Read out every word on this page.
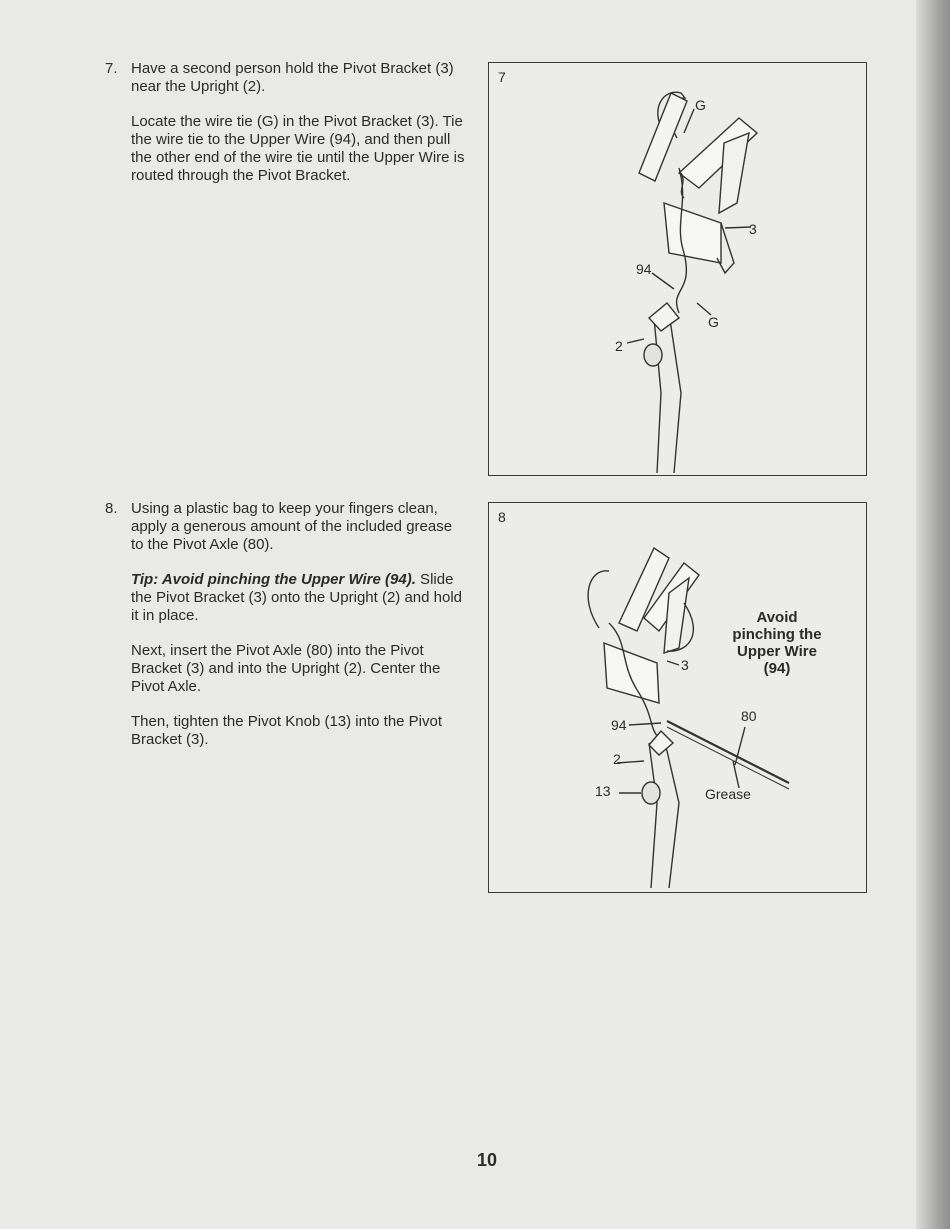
7. Have a second person hold the Pivot Bracket (3) near the Upright (2).

Locate the wire tie (G) in the Pivot Bracket (3). Tie the wire tie to the Upper Wire (94), and then pull the other end of the wire tie until the Upper Wire is routed through the Pivot Bracket.

8. Using a plastic bag to keep your fingers clean, apply a generous amount of the included grease to the Pivot Axle (80).

Tip: Avoid pinching the Upper Wire (94). Slide the Pivot Bracket (3) onto the Upright (2) and hold it in place.

Next, insert the Pivot Axle (80) into the Pivot Bracket (3) and into the Upright (2). Center the Pivot Axle.

Then, tighten the Pivot Knob (13) into the Pivot Bracket (3).

7
G
3
94
G
2
8
3
Avoid pinching the Upper Wire (94)
80
94
2
13	Grease
10
